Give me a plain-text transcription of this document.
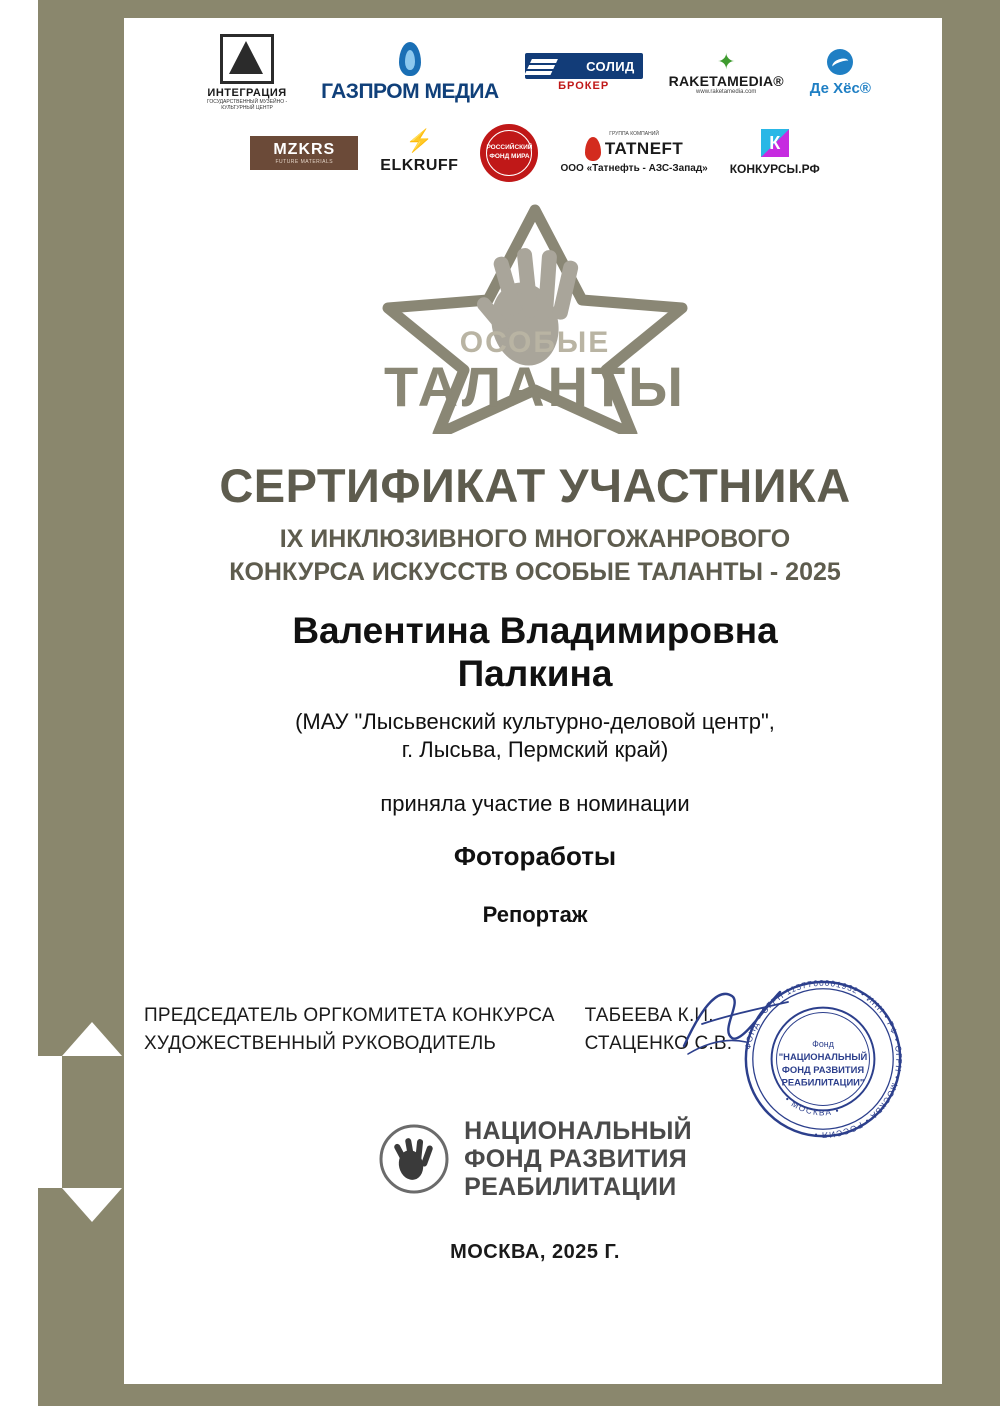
ИНТЕГРАЦИЯ
ГОСУДАРСТВЕННЫЙ МУЗЕЙНО - КУЛЬТУРНЫЙ ЦЕНТР
ГАЗПРОМ МЕДИА
СОЛИД
БРОКЕР
✦
RAKETAMEDIA®
www.raketamedia.com	Де Хёс®
MZKRS
FUTURE MATERIALS
⚡
ELKRUFF
РОССИЙСКИЙ ФОНД МИРА
ГРУППА КОМПАНИЙ
TATNEFT
ООО «Татнефть - АЗС-Запад»
К
КОНКУРСЫ.РФ
ОСОБЫЕ
ТАЛАНТЫ
СЕРТИФИКАТ УЧАСТНИКА
IX ИНКЛЮЗИВНОГО МНОГОЖАНРОВОГО
КОНКУРСА ИСКУССТВ ОСОБЫЕ ТАЛАНТЫ - 2025
Валентина Владимировна
Палкина
(МАУ "Лысьвенский культурно-деловой центр",
г. Лысьва, Пермский край)
приняла участие в номинации
Фотоработы
Репортаж
ПРЕДСЕДАТЕЛЬ ОРГКОМИТЕТА КОНКУРСА
ХУДОЖЕСТВЕННЫЙ РУКОВОДИТЕЛЬ
ТАБЕЕВА К.И.
СТАЦЕНКО С.В. ФОНД • ОГРН 1157700001932 • ИНН • РФ • ОГРН • МОСКВА • РОССИЯ •
Фонд
"НАЦИОНАЛЬНЫЙ
ФОНД РАЗВИТИЯ
РЕАБИЛИТАЦИИ"
• МОСКВА •
НАЦИОНАЛЬНЫЙ
ФОНД РАЗВИТИЯ
РЕАБИЛИТАЦИИ
МОСКВА, 2025 Г.
